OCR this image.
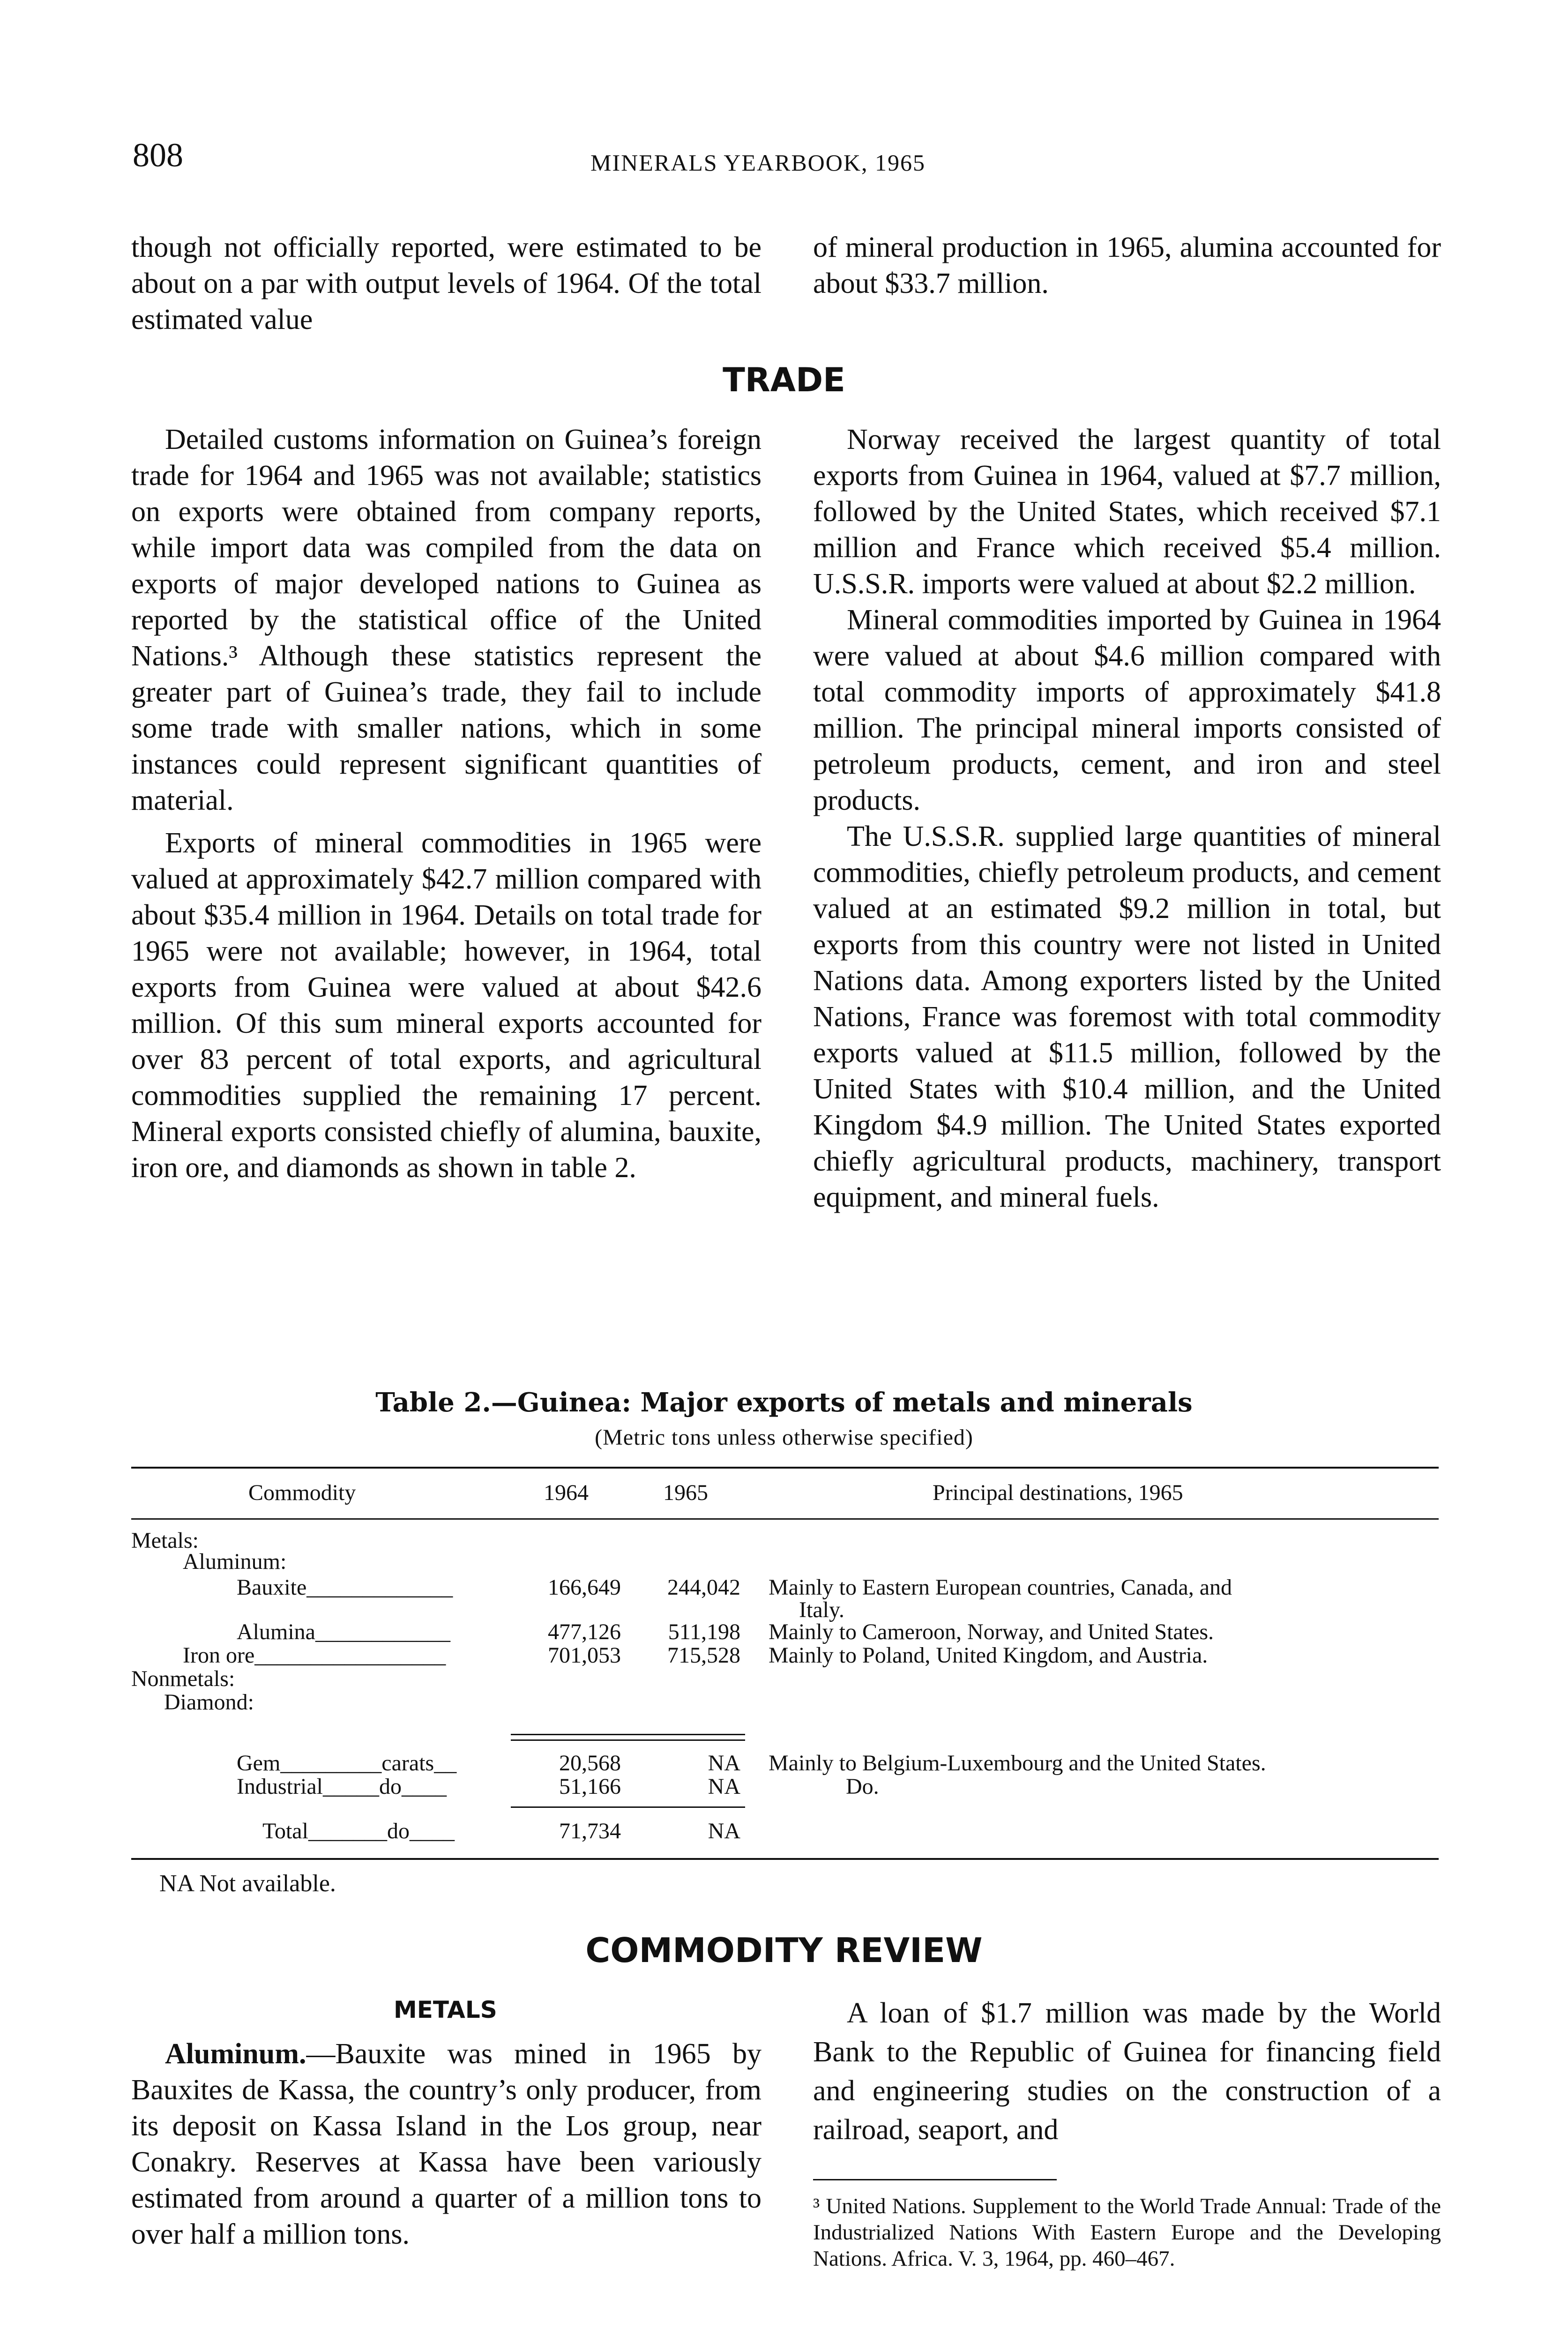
808	MINERALS YEARBOOK, 1965

though not officially reported, were estimated to be about on a par with output levels of 1964. Of the total estimated value

of mineral production in 1965, alumina accounted for about $33.7 million.

TRADE

Detailed customs information on Guinea’s foreign trade for 1964 and 1965 was not available; statistics on exports were obtained from company reports, while import data was compiled from the data on exports of major developed nations to Guinea as reported by the statistical office of the United Nations.³ Although these statistics represent the greater part of Guinea’s trade, they fail to include some trade with smaller nations, which in some instances could represent significant quantities of material.

Exports of mineral commodities in 1965 were valued at approximately $42.7 million compared with about $35.4 million in 1964. Details on total trade for 1965 were not available; however, in 1964, total exports from Guinea were valued at about $42.6 million. Of this sum mineral exports accounted for over 83 percent of total exports, and agricultural commodities supplied the remaining 17 percent. Mineral exports consisted chiefly of alumina, bauxite, iron ore, and diamonds as shown in table 2.

Norway received the largest quantity of total exports from Guinea in 1964, valued at $7.7 million, followed by the United States, which received $7.1 million and France which received $5.4 million. U.S.S.R. imports were valued at about $2.2 million.

Mineral commodities imported by Guinea in 1964 were valued at about $4.6 million compared with total commodity imports of approximately $41.8 million. The principal mineral imports consisted of petroleum products, cement, and iron and steel products.

The U.S.S.R. supplied large quantities of mineral commodities, chiefly petroleum products, and cement valued at an estimated $9.2 million in total, but exports from this country were not listed in United Nations data. Among exporters listed by the United Nations, France was foremost with total commodity exports valued at $11.5 million, followed by the United States with $10.4 million, and the United Kingdom $4.9 million. The United States exported chiefly agricultural products, machinery, transport equipment, and mineral fuels.

Table 2.—Guinea: Major exports of metals and minerals
(Metric tons unless otherwise specified)
Commodity	1964	1965	Principal destinations, 1965
Metals:
Aluminum:
Bauxite_____________	166,649	244,042 Mainly to Eastern European countries, Canada, and
Italy.
Alumina____________	477,126	511,198 Mainly to Cameroon, Norway, and United States.
Iron ore_________________	701,053	715,528 Mainly to Poland, United Kingdom, and Austria.
Nonmetals:
Diamond:
Gem_________carats__	20,568	NA Mainly to Belgium-Luxembourg and the United States.
Industrial_____do____	51,166	NA	Do.
Total_______do____	71,734	NA
NA Not available.
COMMODITY REVIEW
METALS

Aluminum.—Bauxite was mined in 1965 by Bauxites de Kassa, the country’s only producer, from its deposit on Kassa Island in the Los group, near Conakry. Reserves at Kassa have been variously estimated from around a quarter of a million tons to over half a million tons.

A loan of $1.7 million was made by the World Bank to the Republic of Guinea for financing field and engineering studies on the construction of a railroad, seaport, and

³ United Nations. Supplement to the World Trade Annual: Trade of the Industrialized Nations With Eastern Europe and the Developing Nations. Africa. V. 3, 1964, pp. 460–467.
